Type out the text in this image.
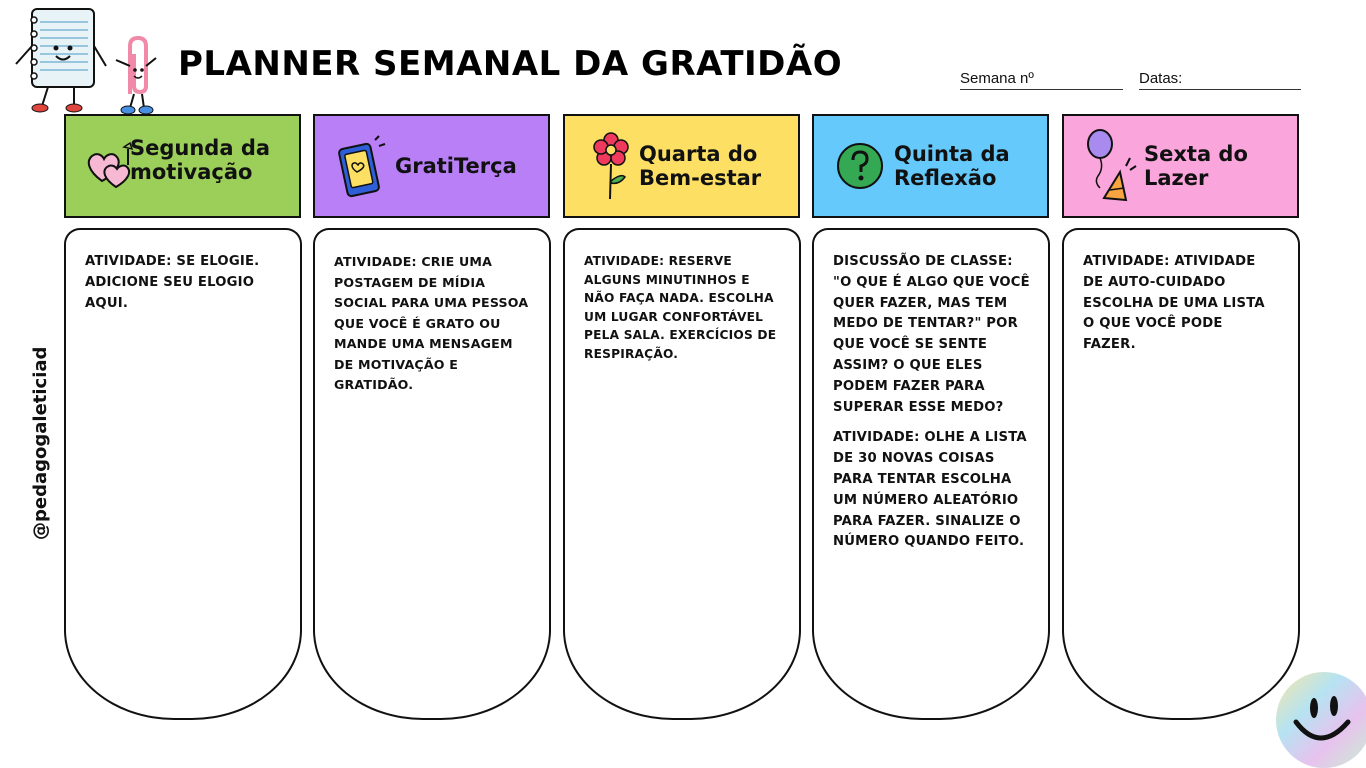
PLANNER SEMANAL DA GRATIDÃO	Semana nº	Datas:
@pedagogaleticiad
Segunda da
motivação	GratiTerça	Quarta do
Bem-estar
Quinta da
Reflexão
Sexta do
Lazer

ATIVIDADE: SE ELOGIE. ADICIONE SEU ELOGIO AQUI.

ATIVIDADE: CRIE UMA POSTAGEM DE MÍDIA SOCIAL PARA UMA PESSOA QUE VOCÊ É GRATO OU MANDE UMA MENSAGEM DE MOTIVAÇÃO E GRATIDÃO.

ATIVIDADE: RESERVE ALGUNS MINUTINHOS E NÃO FAÇA NADA. ESCOLHA UM LUGAR CONFORTÁVEL PELA SALA. EXERCÍCIOS DE RESPIRAÇÃO.

DISCUSSÃO DE CLASSE: "O QUE É ALGO QUE VOCÊ QUER FAZER, MAS TEM MEDO DE TENTAR?" POR QUE VOCÊ SE SENTE ASSIM? O QUE ELES PODEM FAZER PARA SUPERAR ESSE MEDO?

ATIVIDADE: OLHE A LISTA DE 30 NOVAS COISAS PARA TENTAR ESCOLHA UM NÚMERO ALEATÓRIO PARA FAZER. SINALIZE O NÚMERO QUANDO FEITO.

ATIVIDADE: ATIVIDADE DE AUTO-CUIDADO ESCOLHA DE UMA LISTA O QUE VOCÊ PODE FAZER.
